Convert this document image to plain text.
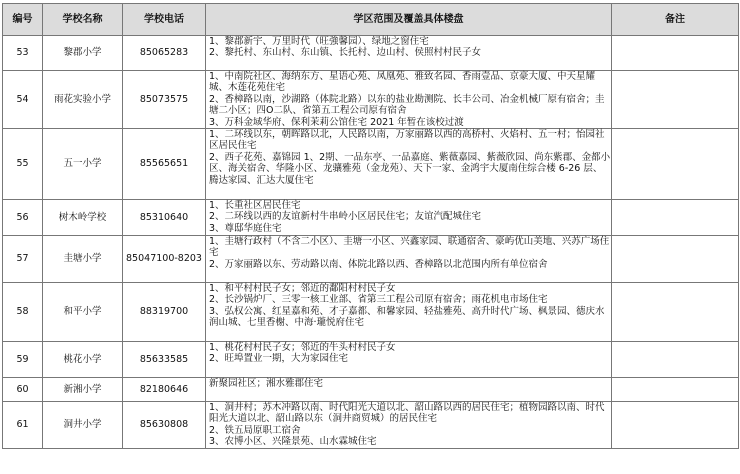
编号	学校名称	学校电话	学区范围及覆盖具体楼盘	备注
53	黎郡小学	85065283	1、黎郡新宇、万里时代（旺強馨园）、绿地之窗住宅
2、黎托村、东山村、东山镇、长托村、边山村、侯照村村民子女	

54	雨花实验小学	85073575	1、中南院社区、海纳东方、星语心苑、凤凰苑、雅致名园、香雨壹品、京豪大厦、中天星耀城、木莲花苑住宅
2、香樟路以南，沙湖路（体院北路）以东的盐业勘测院、长丰公司、冶金机械厂原有宿舍；圭塘二小区；四O二队、省第五工程公司原有宿舍
3、万科金域华府、保利茉莉公馆住宅 2021 年暂在该校过渡	

55	五一小学	85565651	1、二环线以东，朝晖路以北，人民路以南，万家丽路以西的高桥村、火焰村、五一村；怡园社区居民住宅
2、西子花苑、嘉锦园 1、2期、一品东亭、一品嘉庭、紫薇嘉园、紫薇欣园、尚东紫郡、金都小区、海关宿舍、华隆小区、龙骧雅苑（金龙苑）、天下一家、金鸿宇大厦南住综合楼 6-26 层、腾达家园、汇达大厦住宅	

56	树木岭学校	85310640	1、长重社区居民住宅
2、二环线以西的友谊新村牛串岭小区居民住宅；友谊汽配城住宅
3、尊邸华庭住宅	

57	圭塘小学	85047100-8203	1、圭塘行政村（不含二小区）、圭塘一小区、兴鑫家园、联通宿舍、豪屿优山美地、兴苏广场住宅
2、万家丽路以东、劳动路以南、体院北路以西、香樟路以北范围内所有单位宿舍	

58	和平小学	88319700	1、和平村村民子女；邻近的鄱阳村村民子女
2、长沙锅炉厂、三零一核工业部、省第三工程公司原有宿舍；雨花机电市场住宅
3、弘权公寓、红星嘉和苑、才子嘉都、和馨家园、轻盐雅苑、高升时代广场、枫景园、德庆水润山城、七里香榭、中海·瓏悦府住宅	

59	桃花小学	85633585	1、桃花村村民子女；邻近的牛头村村民子女
2、旺埠置业一期，大为家园住宅	

60	新湘小学	82180646	新聚园社区；湘水雅郡住宅	

61	洞井小学	85630808	1、洞井村；苏木冲路以南、时代阳光大道以北、韶山路以西的居民住宅；植物园路以南、时代阳光大道以北、韶山路以东（洞井商贸城）的居民住宅
2、铁五局原职工宿舍
3、农博小区、兴隆景苑、山水霖城住宅	
